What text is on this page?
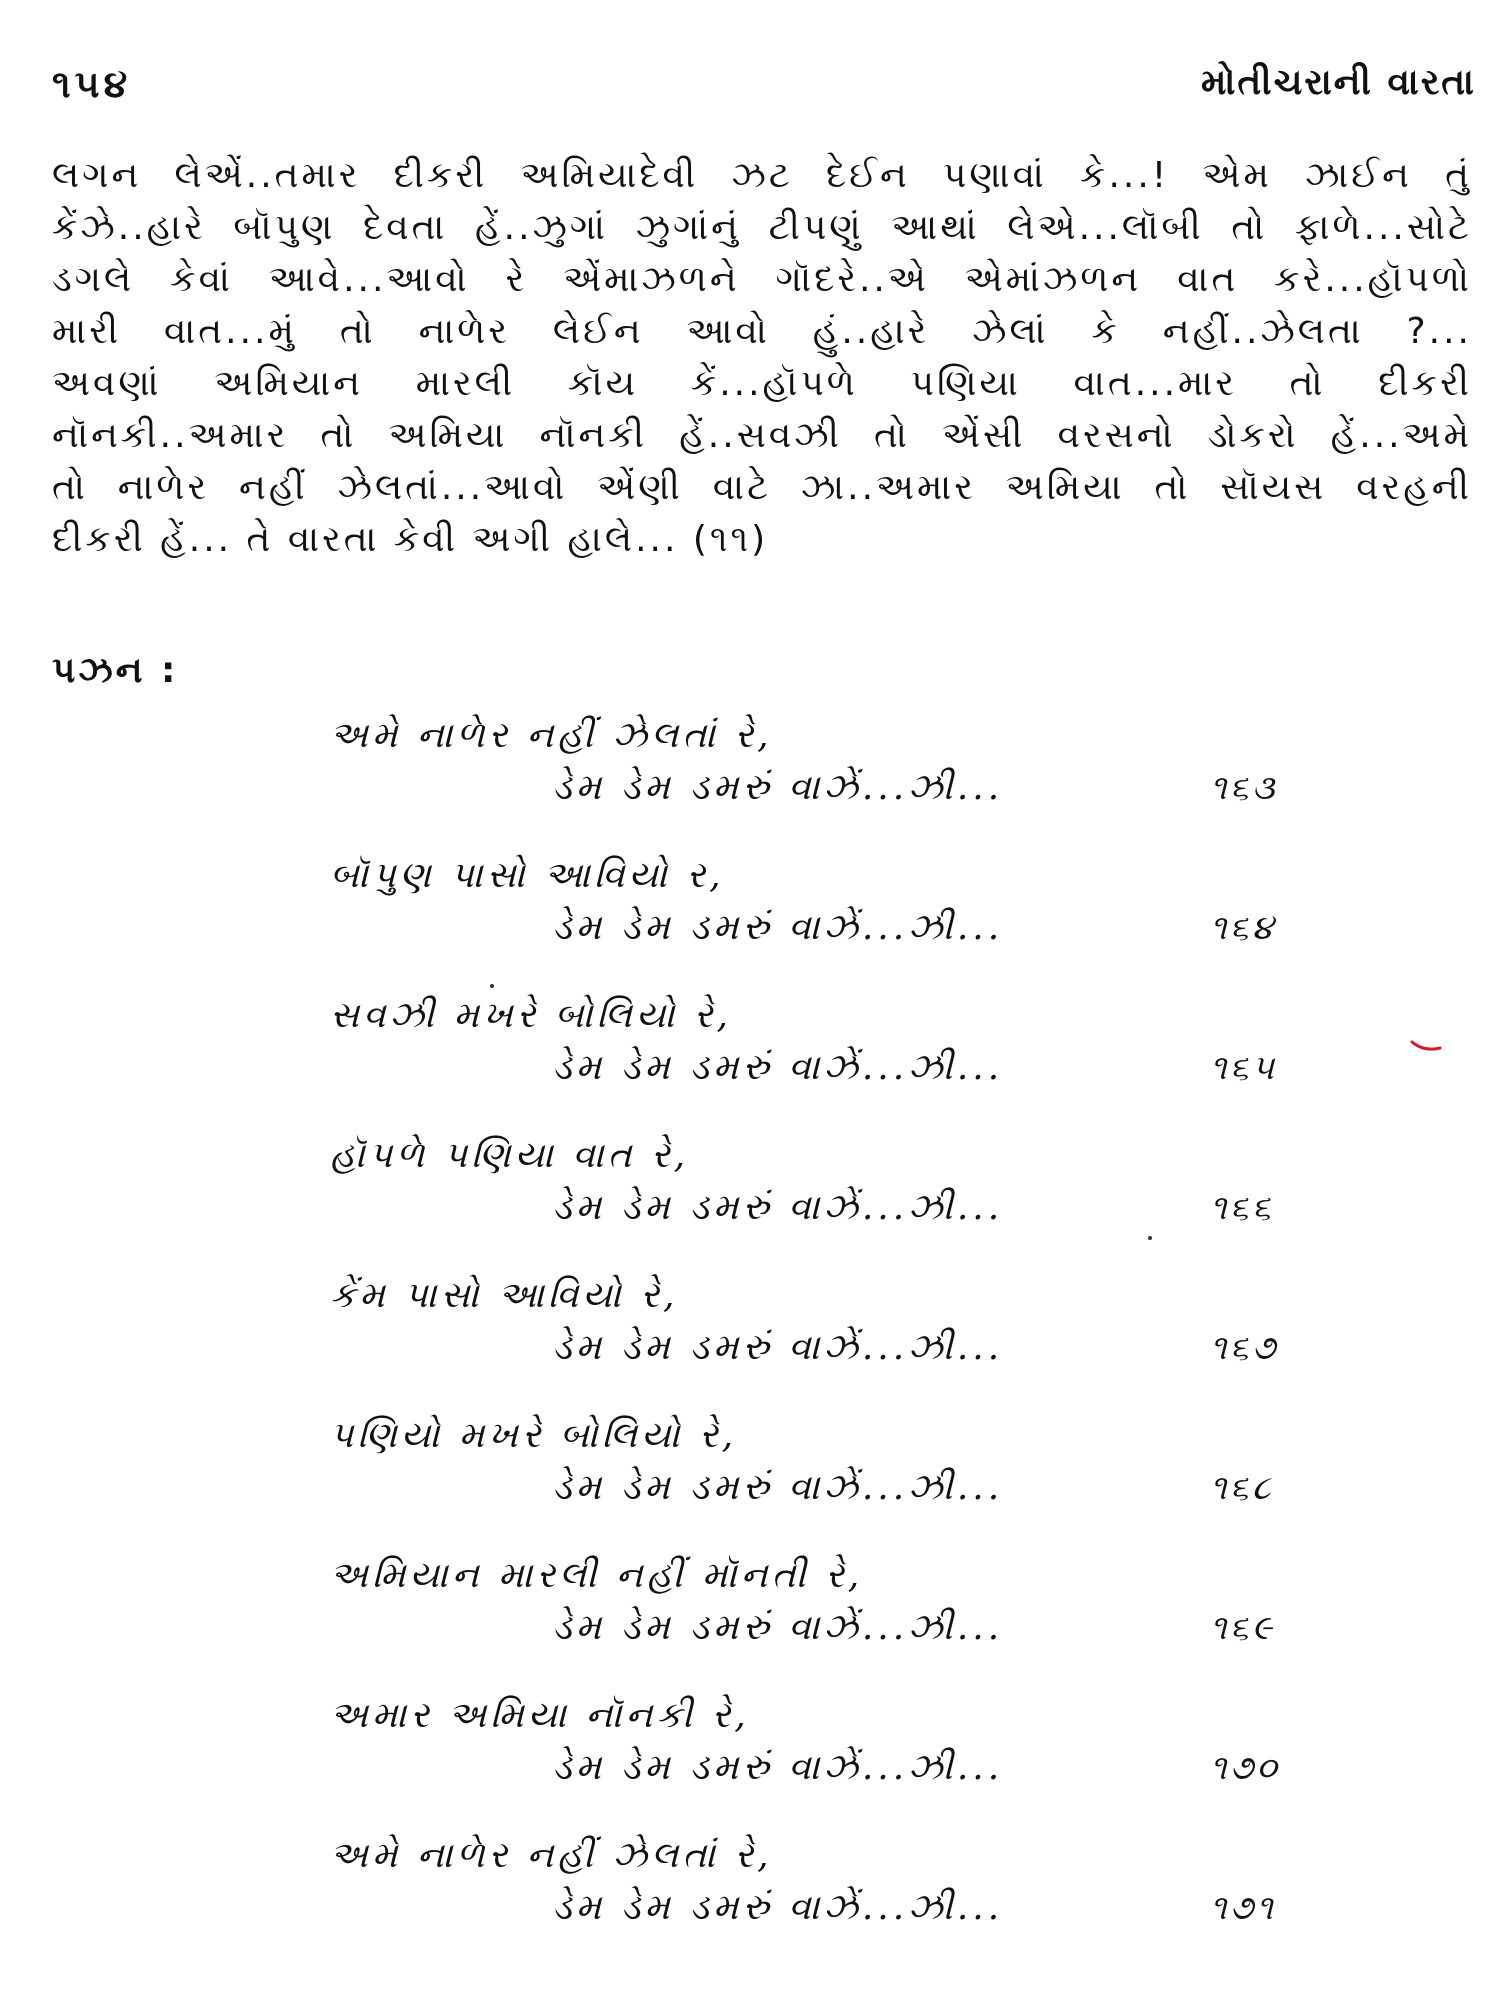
૧૫૪	મોતીચરાની વારતા
લગન લેએં..તમાર દીકરી અમિયાદેવી ઝટ દેઈન પણાવાં કે...! એમ ઝાઈન તું
કેંઝે..હારે બૉપુણ દેવતા હેં..ઝુગાં ઝુગાંનું ટીપણું આથાં લેએ...લૉબી તો ફાળે...સોટે
ડગલે કેવાં આવે...આવો રે એંમાઝળને ગૉદરે..એ એમાંઝળન વાત કરે...હૉપળો
મારી વાત...મું તો નાળેર લેઈન આવો હું..હારે ઝેલાં કે નહીં..ઝેલતા ?...
અવણાં અમિયાન મારલી કૉય કેં...હૉપળે પણિયા વાત...માર તો દીકરી
નૉનકી..અમાર તો અમિયા નૉનકી હેં..સવઝી તો એંસી વરસનો ડોકરો હેં...અમે
તો નાળેર નહીં ઝેલતાં...આવો એંણી વાટે ઝા..અમાર અમિયા તો સૉયસ વરહની
દીકરી હેં... તે વારતા કેવી અગી હાલે... (૧૧)
પઝન :
અમે નાળેર નહીં ઝેલતાં રે,
ડેમ ડેમ ડમરું વાઝેં...ઝી...	૧૬૩
બૉપુણ પાસો આવિયો ર,
ડેમ ડેમ ડમરું વાઝેં...ઝી...	૧૬૪
સવઝી મખરે બોલિયો રે,
ડેમ ડેમ ડમરું વાઝેં...ઝી...	૧૬૫
હૉપળે પણિયા વાત રે,
ડેમ ડેમ ડમરું વાઝેં...ઝી...	૧૬૬
કેંમ પાસો આવિયો રે,
ડેમ ડેમ ડમરું વાઝેં...ઝી...	૧૬૭
પણિયો મખરે બોલિયો રે,
ડેમ ડેમ ડમરું વાઝેં...ઝી...	૧૬૮
અમિયાન મારલી નહીં મૉનતી રે,
ડેમ ડેમ ડમરું વાઝેં...ઝી...	૧૬૯
અમાર અમિયા નૉનકી રે,
ડેમ ડેમ ડમરું વાઝેં...ઝી...	૧૭૦
અમે નાળેર નહીં ઝેલતાં રે,
ડેમ ડેમ ડમરું વાઝેં...ઝી...	૧૭૧
